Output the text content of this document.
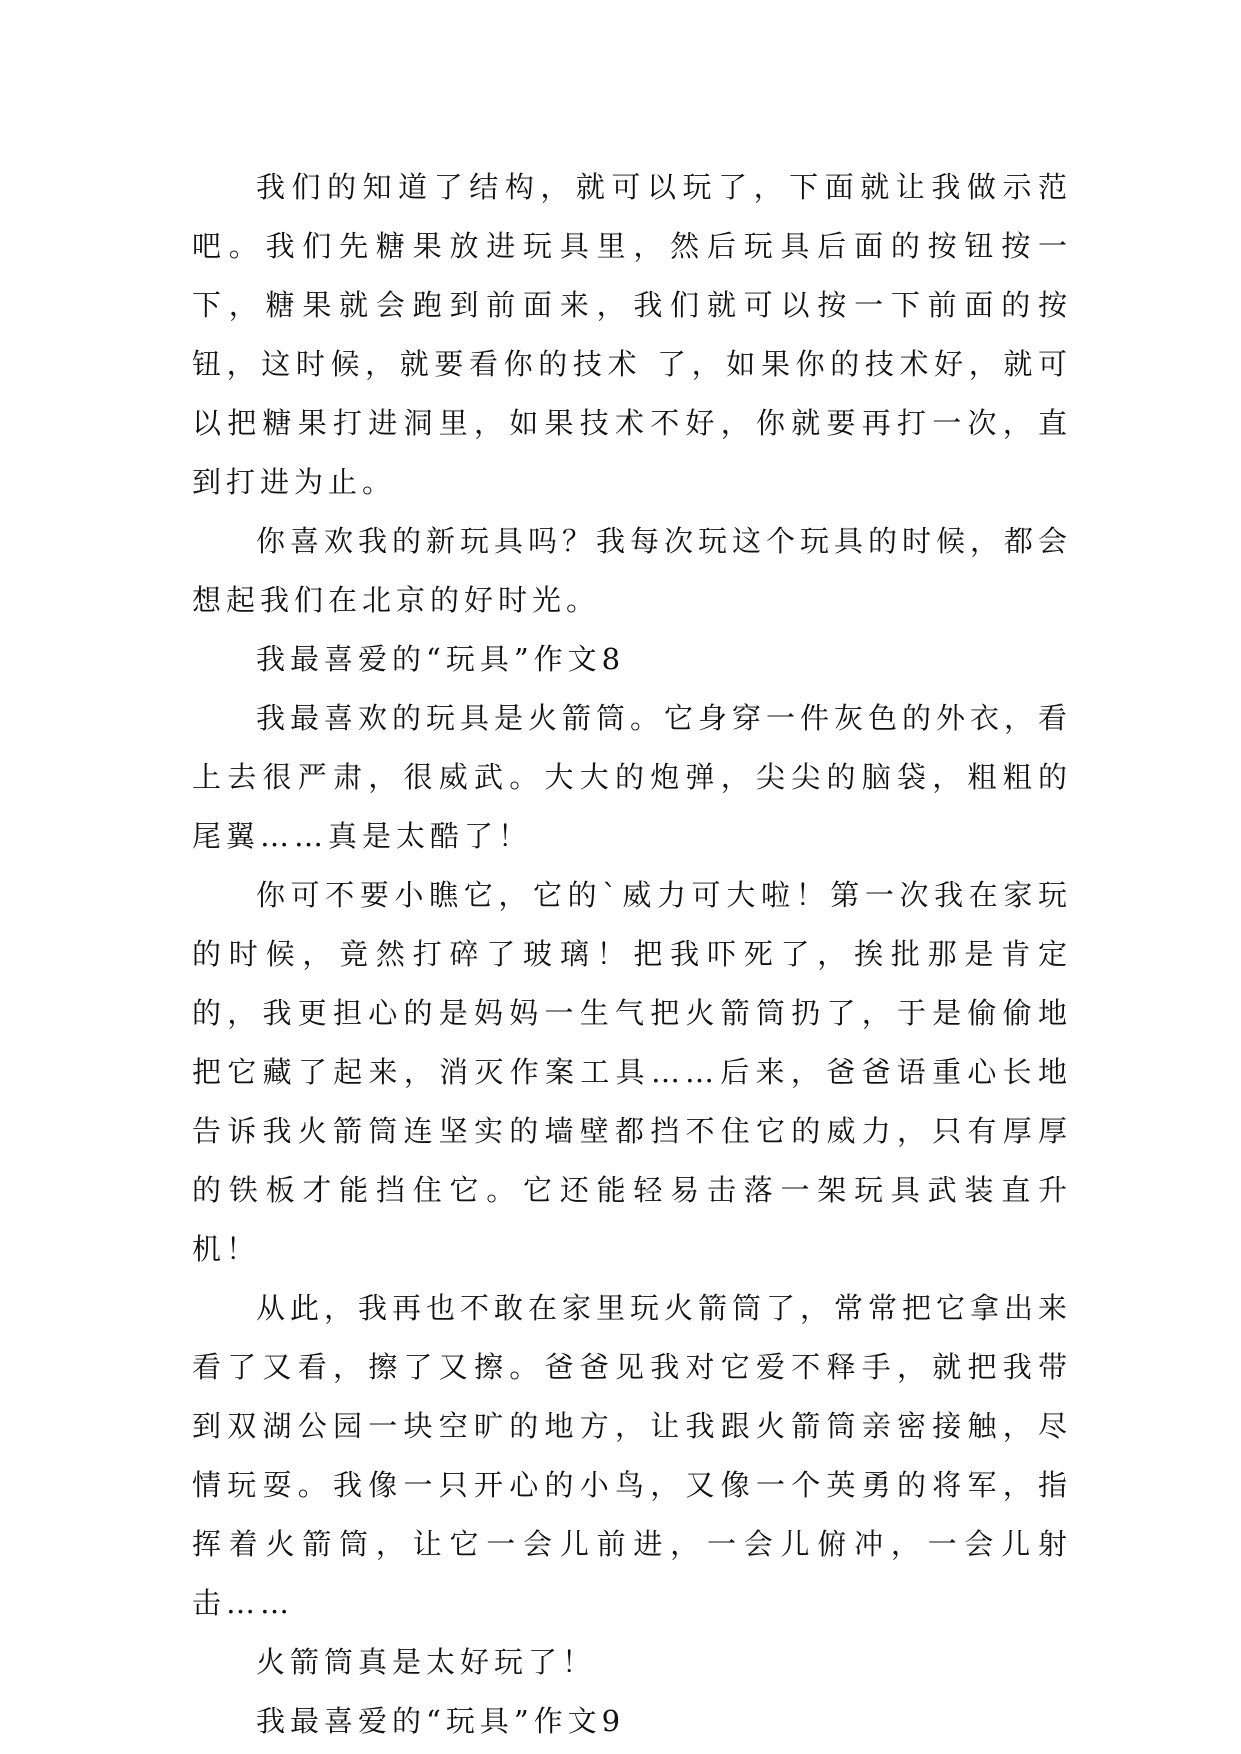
我们的知道了结构，就可以玩了，下面就让我做示范吧。我们先糖果放进玩具里，然后玩具后面的按钮按一下，糖果就会跑到前面来，我们就可以按一下前面的按钮，这时候，就要看你的技术 了，如果你的技术好，就可以把糖果打进洞里，如果技术不好，你就要再打一次，直到打进为止。

你喜欢我的新玩具吗？我每次玩这个玩具的时候，都会想起我们在北京的好时光。

我最喜爱的“玩具”作文8

我最喜欢的玩具是火箭筒。它身穿一件灰色的外衣，看上去很严肃，很威武。大大的炮弹，尖尖的脑袋，粗粗的尾翼……真是太酷了！

你可不要小瞧它，它的`威力可大啦！第一次我在家玩的时候，竟然打碎了玻璃！把我吓死了，挨批那是肯定的，我更担心的是妈妈一生气把火箭筒扔了，于是偷偷地把它藏了起来，消灭作案工具……后来，爸爸语重心长地告诉我火箭筒连坚实的墙壁都挡不住它的威力，只有厚厚的铁板才能挡住它。它还能轻易击落一架玩具武装直升机！

从此，我再也不敢在家里玩火箭筒了，常常把它拿出来看了又看，擦了又擦。爸爸见我对它爱不释手，就把我带到双湖公园一块空旷的地方，让我跟火箭筒亲密接触，尽情玩耍。我像一只开心的小鸟，又像一个英勇的将军，指挥着火箭筒，让它一会儿前进，一会儿俯冲，一会儿射击……

火箭筒真是太好玩了！

我最喜爱的“玩具”作文9
